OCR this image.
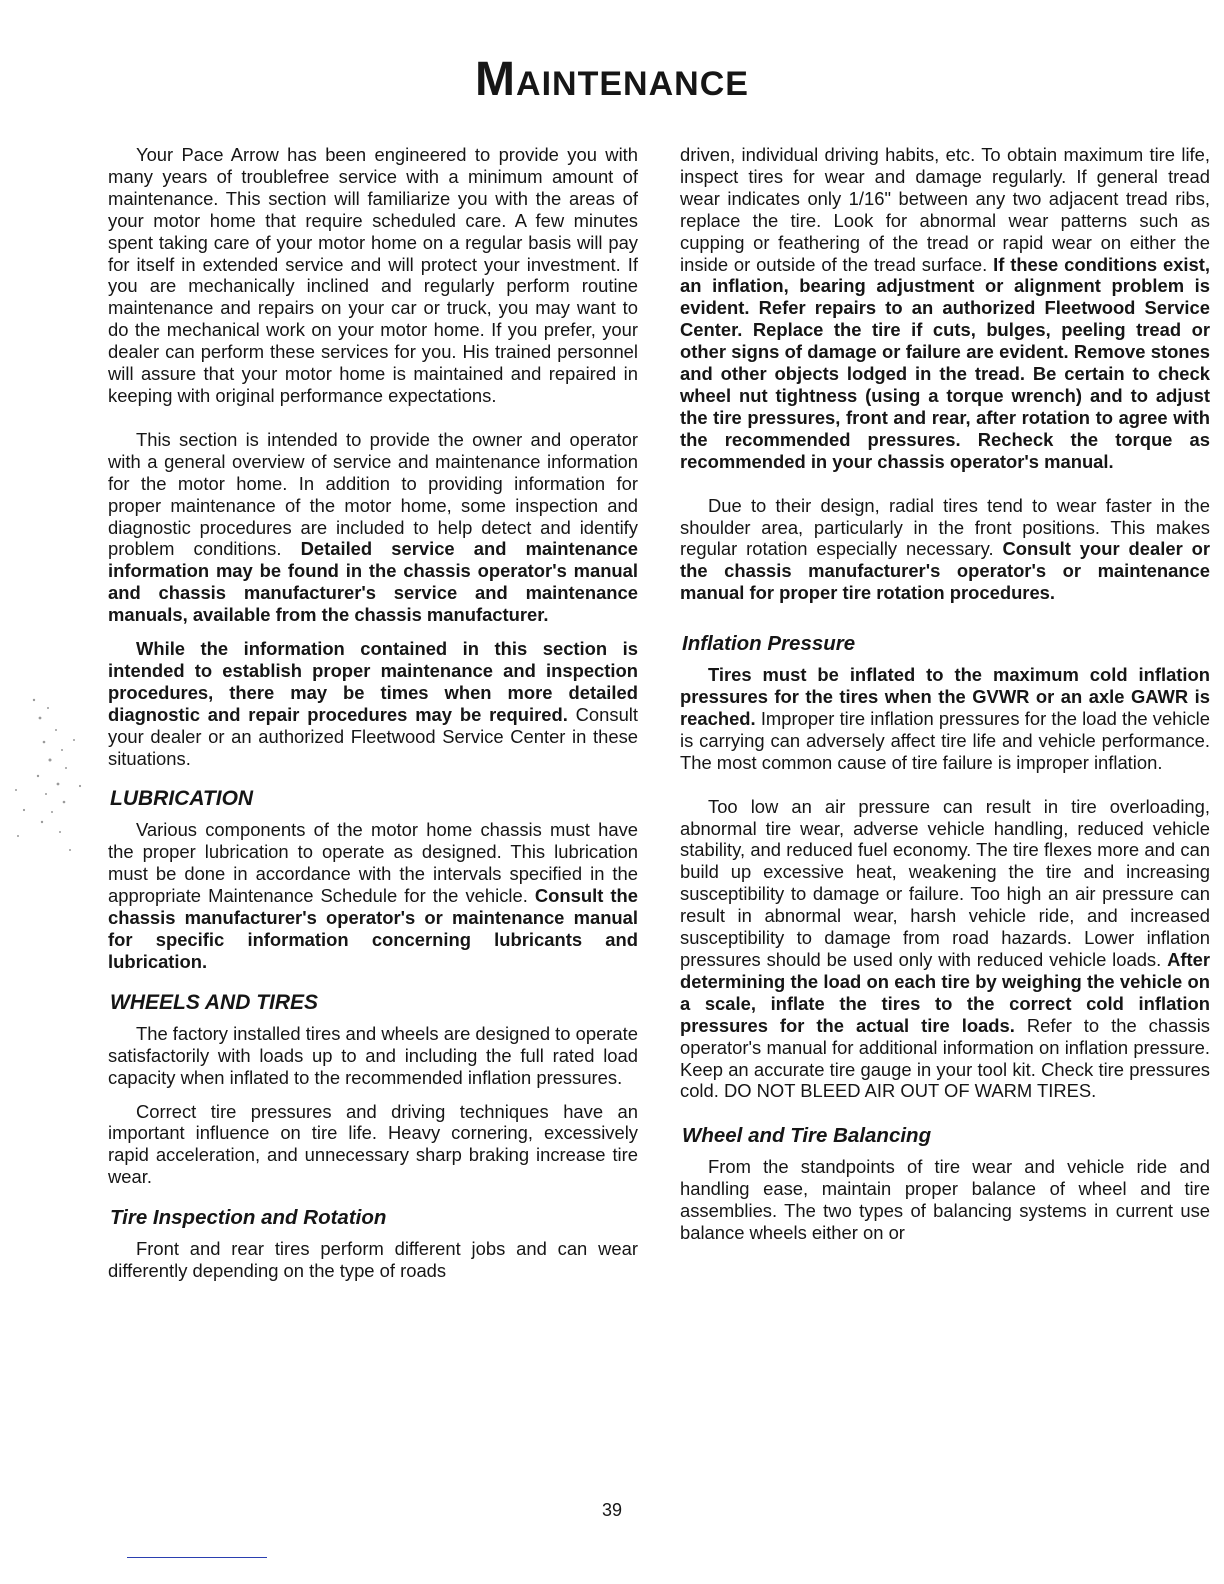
Maintenance

Your Pace Arrow has been engineered to provide you with many years of troublefree service with a minimum amount of maintenance. This section will familiarize you with the areas of your motor home that require scheduled care. A few minutes spent taking care of your motor home on a regular basis will pay for itself in extended service and will protect your investment. If you are mechanically inclined and regularly perform routine maintenance and repairs on your car or truck, you may want to do the mechanical work on your motor home. If you prefer, your dealer can perform these services for you. His trained personnel will assure that your motor home is maintained and repaired in keeping with original performance expectations.

This section is intended to provide the owner and operator with a general overview of service and maintenance information for the motor home. In addition to providing information for proper maintenance of the motor home, some inspection and diagnostic procedures are included to help detect and identify problem conditions. Detailed service and maintenance information may be found in the chassis operator's manual and chassis manufacturer's service and maintenance manuals, available from the chassis manufacturer.

While the information contained in this section is intended to establish proper maintenance and inspection procedures, there may be times when more detailed diagnostic and repair procedures may be required. Consult your dealer or an authorized Fleetwood Service Center in these situations.

LUBRICATION

Various components of the motor home chassis must have the proper lubrication to operate as designed. This lubrication must be done in accordance with the intervals specified in the appropriate Maintenance Schedule for the vehicle. Consult the chassis manufacturer's operator's or maintenance manual for specific information concerning lubricants and lubrication.

WHEELS AND TIRES

The factory installed tires and wheels are designed to operate satisfactorily with loads up to and including the full rated load capacity when inflated to the recommended inflation pressures.

Correct tire pressures and driving techniques have an important influence on tire life. Heavy cornering, excessively rapid acceleration, and unnecessary sharp braking increase tire wear.

Tire Inspection and Rotation

Front and rear tires perform different jobs and can wear differently depending on the type of roads

driven, individual driving habits, etc. To obtain maximum tire life, inspect tires for wear and damage regularly. If general tread wear indicates only 1/16" between any two adjacent tread ribs, replace the tire. Look for abnormal wear patterns such as cupping or feathering of the tread or rapid wear on either the inside or outside of the tread surface. If these conditions exist, an inflation, bearing adjustment or alignment problem is evident. Refer repairs to an authorized Fleetwood Service Center. Replace the tire if cuts, bulges, peeling tread or other signs of damage or failure are evident. Remove stones and other objects lodged in the tread. Be certain to check wheel nut tightness (using a torque wrench) and to adjust the tire pressures, front and rear, after rotation to agree with the recommended pressures. Recheck the torque as recommended in your chassis operator's manual.

Due to their design, radial tires tend to wear faster in the shoulder area, particularly in the front positions. This makes regular rotation especially necessary. Consult your dealer or the chassis manufacturer's operator's or maintenance manual for proper tire rotation procedures.

Inflation Pressure

Tires must be inflated to the maximum cold inflation pressures for the tires when the GVWR or an axle GAWR is reached. Improper tire inflation pressures for the load the vehicle is carrying can adversely affect tire life and vehicle performance. The most common cause of tire failure is improper inflation.

Too low an air pressure can result in tire overloading, abnormal tire wear, adverse vehicle handling, reduced vehicle stability, and reduced fuel economy. The tire flexes more and can build up excessive heat, weakening the tire and increasing susceptibility to damage or failure. Too high an air pressure can result in abnormal wear, harsh vehicle ride, and increased susceptibility to damage from road hazards. Lower inflation pressures should be used only with reduced vehicle loads. After determining the load on each tire by weighing the vehicle on a scale, inflate the tires to the correct cold inflation pressures for the actual tire loads. Refer to the chassis operator's manual for additional information on inflation pressure. Keep an accurate tire gauge in your tool kit. Check tire pressures cold. DO NOT BLEED AIR OUT OF WARM TIRES.

Wheel and Tire Balancing

From the standpoints of tire wear and vehicle ride and handling ease, maintain proper balance of wheel and tire assemblies. The two types of balancing systems in current use balance wheels either on or

39
